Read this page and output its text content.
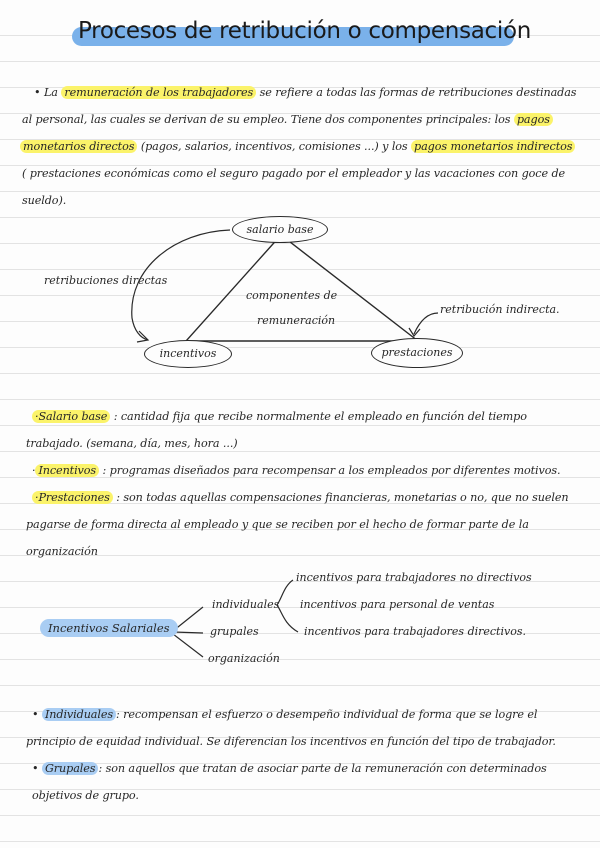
Procesos de retribución o compensación
• La remuneración de los trabajadores se refiere a todas las formas de retribuciones destinadas
al personal, las cuales se derivan de su empleo. Tiene dos componentes principales: los pagos
monetarios directos (pagos, salarios, incentivos, comisiones ...) y los pagos monetarios indirectos
( prestaciones económicas como el seguro pagado por el empleador y las vacaciones con goce de
sueldo).
salario base
incentivos	prestaciones
componentes de
remuneración
retribuciones directas
retribución indirecta.
·Salario base : cantidad fija que recibe normalmente el empleado en función del tiempo
trabajado. (semana, día, mes, hora ...)
· Incentivos : programas diseñados para recompensar a los empleados por diferentes motivos.
·Prestaciones : son todas aquellas compensaciones financieras, monetarias o no, que no suelen
pagarse de forma directa al empleado y que se reciben por el hecho de formar parte de la
organización
Incentivos Salariales
individuales
grupales
organización
incentivos para trabajadores no directivos
incentivos para personal de ventas
incentivos para trabajadores directivos.
• Individuales : recompensan el esfuerzo o desempeño individual de forma que se logre el
principio de equidad individual. Se diferencian los incentivos en función del tipo de trabajador.
• Grupales : son aquellos que tratan de asociar parte de la remuneración con determinados
objetivos de grupo.
